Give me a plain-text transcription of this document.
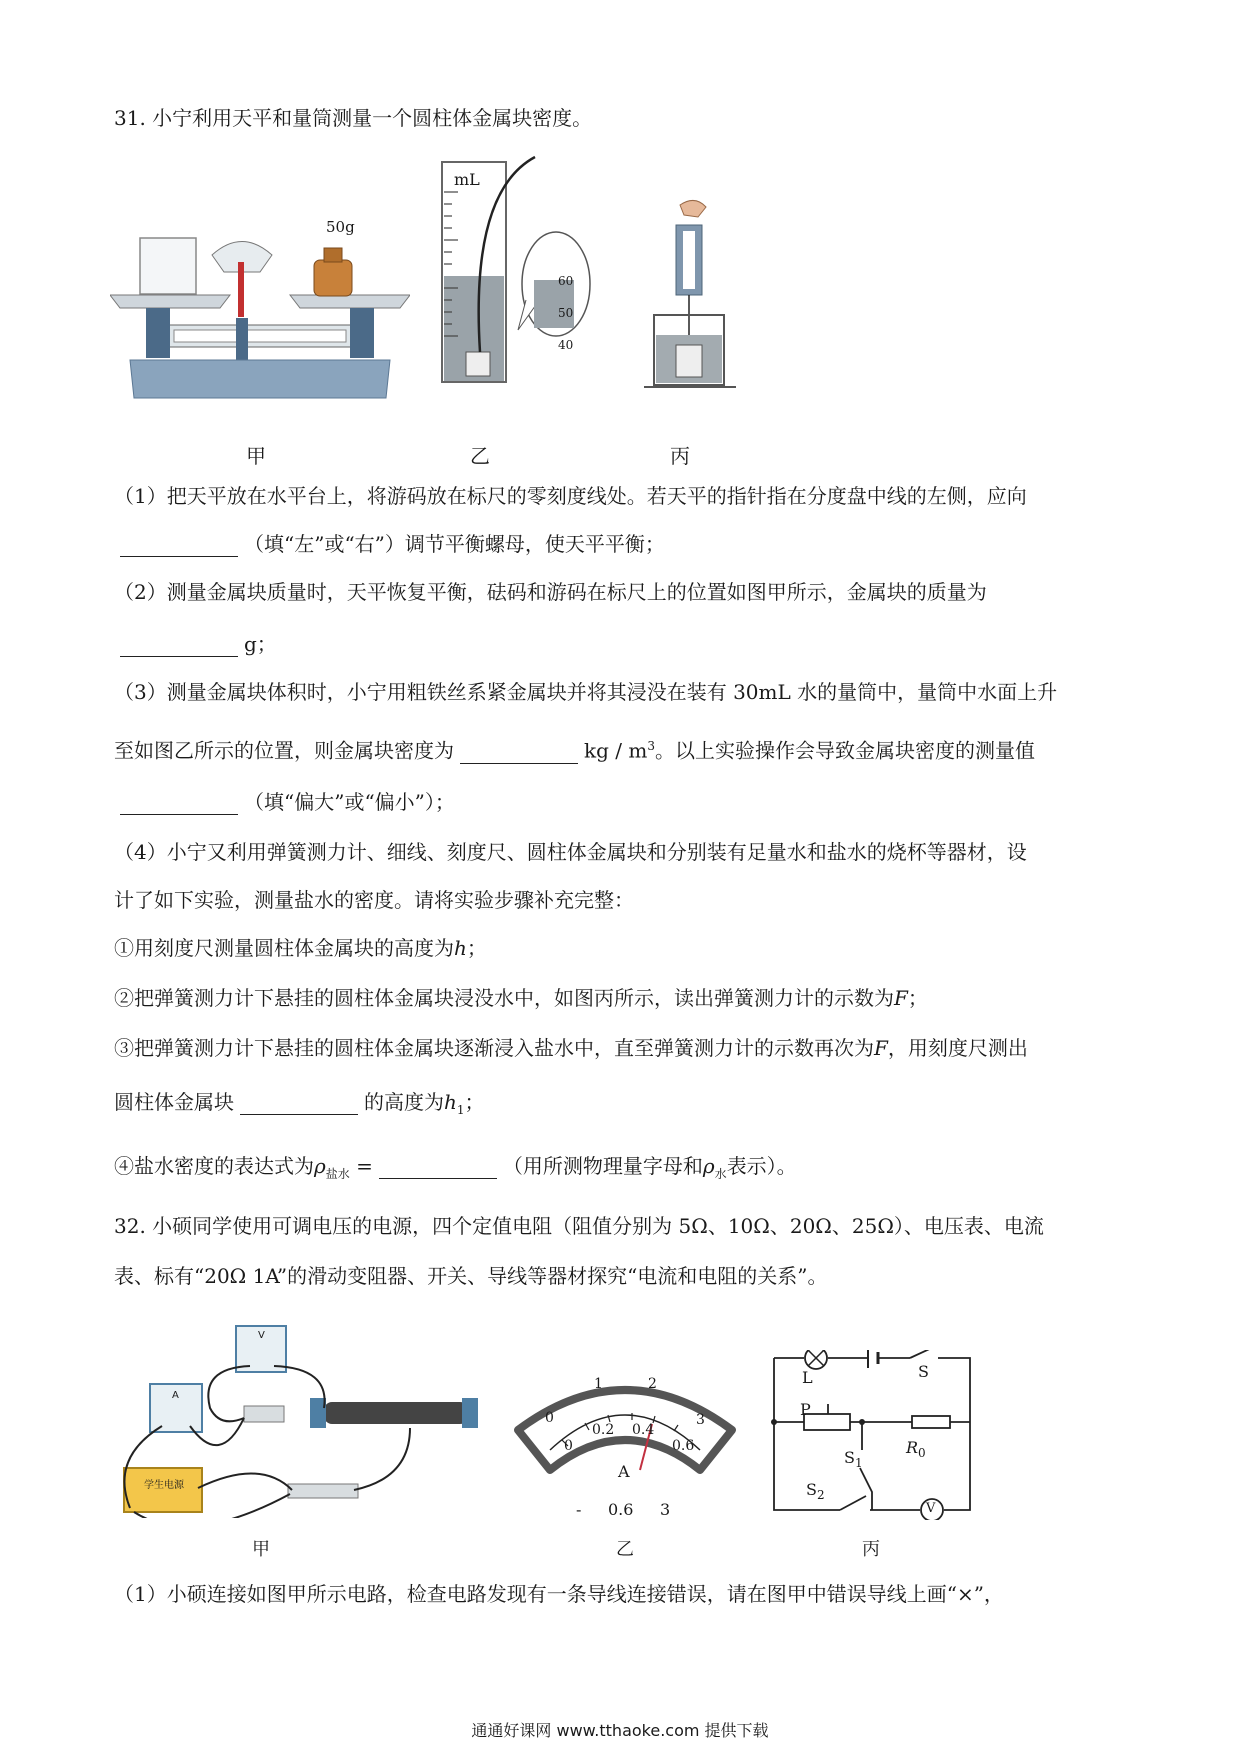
31. 小宁利用天平和量筒测量一个圆柱体金属块密度。
50g
mL
60
50
40
甲	乙	丙
（1）把天平放在水平台上，将游码放在标尺的零刻度线处。若天平的指针指在分度盘中线的左侧，应向
（填“左”或“右”）调节平衡螺母，使天平平衡；
（2）测量金属块质量时，天平恢复平衡，砝码和游码在标尺上的位置如图甲所示，金属块的质量为
g；
（3）测量金属块体积时，小宁用粗铁丝系紧金属块并将其浸没在装有 30mL 水的量筒中，量筒中水面上升
至如图乙所示的位置，则金属块密度为	kg / $m^3$。以上实验操作会导致金属块密度的测量值
（填“偏大”或“偏小”）；
（4）小宁又利用弹簧测力计、细线、刻度尺、圆柱体金属块和分别装有足量水和盐水的烧杯等器材，设
计了如下实验，测量盐水的密度。请将实验步骤补充完整：
①用刻度尺测量圆柱体金属块的高度为h；
②把弹簧测力计下悬挂的圆柱体金属块浸没水中，如图丙所示，读出弹簧测力计的示数为F；
③把弹簧测力计下悬挂的圆柱体金属块逐渐浸入盐水中，直至弹簧测力计的示数再次为F，用刻度尺测出
圆柱体金属块	的高度为$h_1$；
④盐水密度的表达式为$\rho_{盐水}$ =	（用所测物理量字母和$\rho_水$表示）。
32. 小硕同学使用可调电压的电源，四个定值电阻（阻值分别为 5Ω、10Ω、20Ω、25Ω）、电压表、电流
表、标有“20Ω 1A”的滑动变阻器、开关、导线等器材探究“电流和电阻的关系”。
学生电源
V
A
0
1	2
3
0
0.2 0.4
0.6
A
- 0.6 3
L	S
P
$R_0$
$S_1$
$S_2$
V
甲	乙	丙
（1）小硕连接如图甲所示电路，检查电路发现有一条导线连接错误，请在图甲中错误导线上画“×”，
通通好课网 www.tthaoke.com 提供下载
